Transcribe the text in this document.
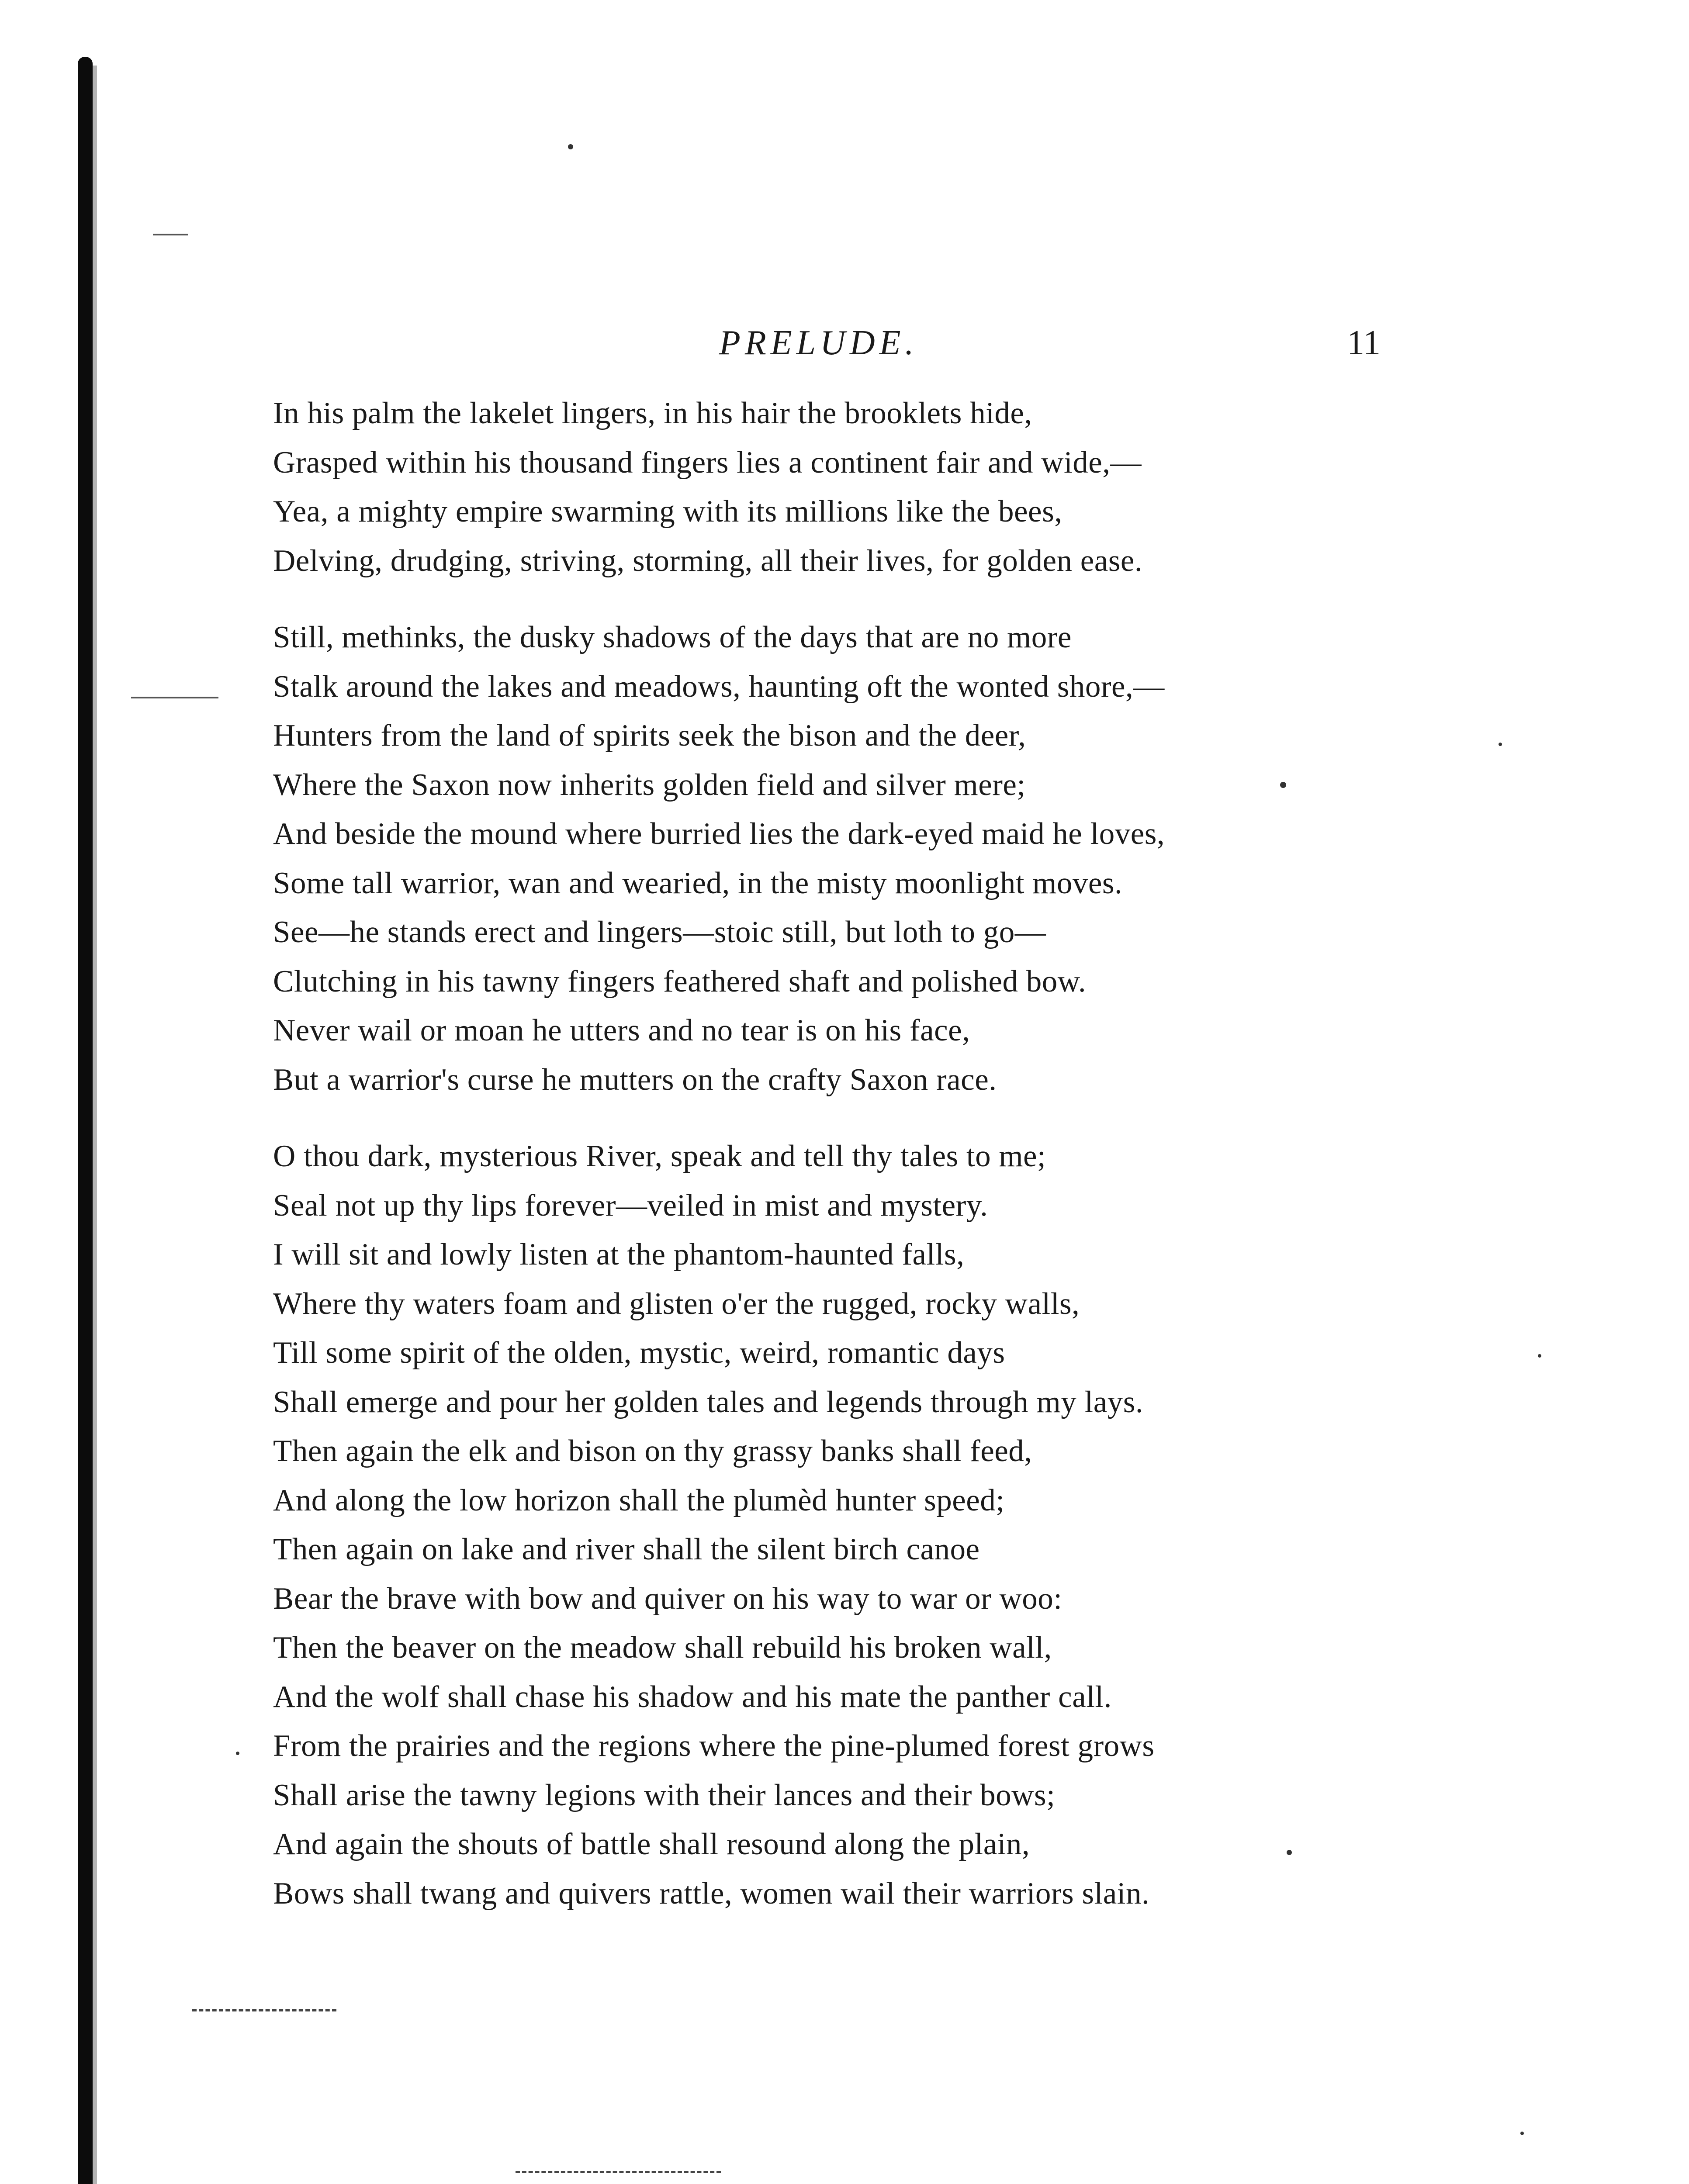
PRELUDE.	11
In his palm the lakelet lingers, in his hair the brooklets hide,
Grasped within his thousand fingers lies a continent fair and wide,—
Yea, a mighty empire swarming with its millions like the bees,
Delving, drudging, striving, storming, all their lives, for golden ease.
Still, methinks, the dusky shadows of the days that are no more
Stalk around the lakes and meadows, haunting oft the wonted shore,—
Hunters from the land of spirits seek the bison and the deer,
Where the Saxon now inherits golden field and silver mere;
And beside the mound where burried lies the dark-eyed maid he loves,
Some tall warrior, wan and wearied, in the misty moonlight moves.
See—he stands erect and lingers—stoic still, but loth to go—
Clutching in his tawny fingers feathered shaft and polished bow.
Never wail or moan he utters and no tear is on his face,
But a warrior's curse he mutters on the crafty Saxon race.
O thou dark, mysterious River, speak and tell thy tales to me;
Seal not up thy lips forever—veiled in mist and mystery.
I will sit and lowly listen at the phantom-haunted falls,
Where thy waters foam and glisten o'er the rugged, rocky walls,
Till some spirit of the olden, mystic, weird, romantic days
Shall emerge and pour her golden tales and legends through my lays.
Then again the elk and bison on thy grassy banks shall feed,
And along the low horizon shall the plumèd hunter speed;
Then again on lake and river shall the silent birch canoe
Bear the brave with bow and quiver on his way to war or woo:
Then the beaver on the meadow shall rebuild his broken wall,
And the wolf shall chase his shadow and his mate the panther call.
From the prairies and the regions where the pine-plumed forest grows
Shall arise the tawny legions with their lances and their bows;
And again the shouts of battle shall resound along the plain,
Bows shall twang and quivers rattle, women wail their warriors slain.
